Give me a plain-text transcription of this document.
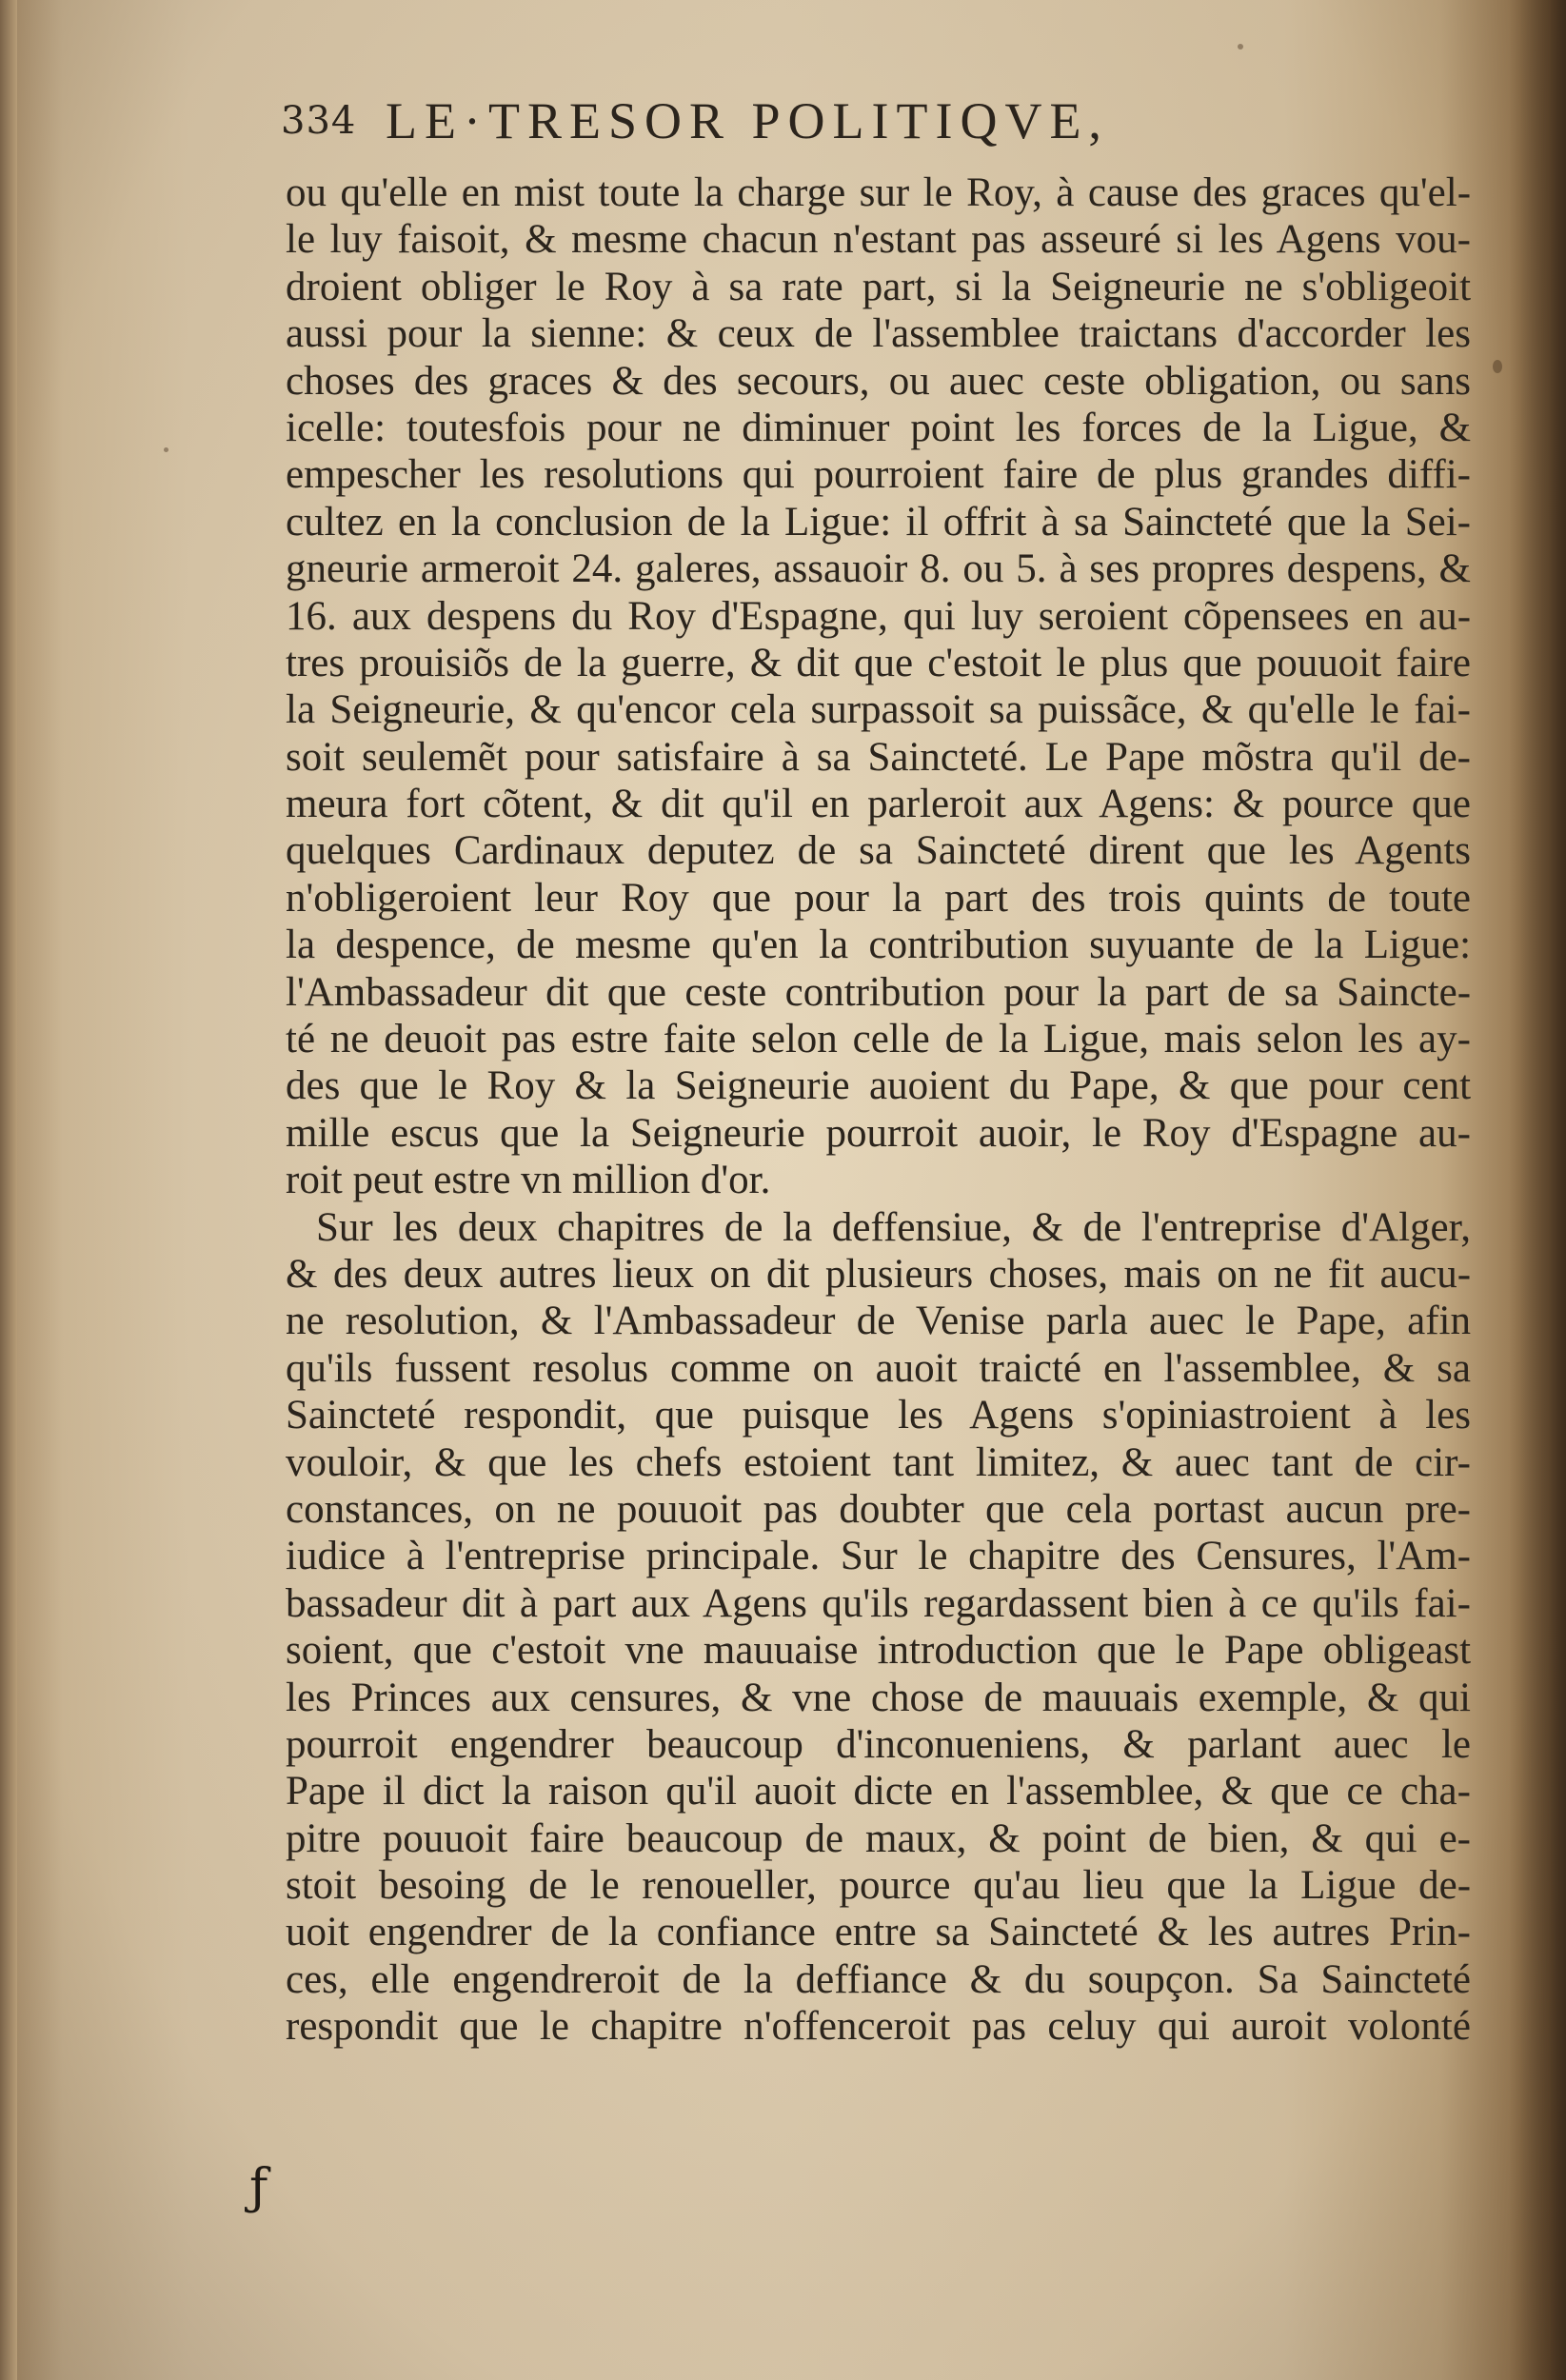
334 LE·TRESOR POLITIQVE,
ou qu'elle en mist toute la charge sur le Roy, à cause des graces qu'el-
le luy faisoit, & mesme chacun n'estant pas asseuré si les Agens vou-
droient obliger le Roy à sa rate part, si la Seigneurie ne s'obligeoit
aussi pour la sienne: & ceux de l'assemblee traictans d'accorder les
choses des graces & des secours, ou auec ceste obligation, ou sans
icelle: toutesfois pour ne diminuer point les forces de la Ligue, &
empescher les resolutions qui pourroient faire de plus grandes diffi-
cultez en la conclusion de la Ligue: il offrit à sa Saincteté que la Sei-
gneurie armeroit 24. galeres, assauoir 8. ou 5. à ses propres despens, &
16. aux despens du Roy d'Espagne, qui luy seroient cõpensees en au-
tres prouisiõs de la guerre, & dit que c'estoit le plus que pouuoit faire
la Seigneurie, & qu'encor cela surpassoit sa puissãce, & qu'elle le fai-
soit seulemẽt pour satisfaire à sa Saincteté. Le Pape mõstra qu'il de-
meura fort cõtent, & dit qu'il en parleroit aux Agens: & pource que
quelques Cardinaux deputez de sa Saincteté dirent que les Agents
n'obligeroient leur Roy que pour la part des trois quints de toute
la despence, de mesme qu'en la contribution suyuante de la Ligue:
l'Ambassadeur dit que ceste contribution pour la part de sa Saincte-
té ne deuoit pas estre faite selon celle de la Ligue, mais selon les ay-
des que le Roy & la Seigneurie auoient du Pape, & que pour cent
mille escus que la Seigneurie pourroit auoir, le Roy d'Espagne au-
roit peut estre vn million d'or.
Sur les deux chapitres de la deffensiue, & de l'entreprise d'Alger,
& des deux autres lieux on dit plusieurs choses, mais on ne fit aucu-
ne resolution, & l'Ambassadeur de Venise parla auec le Pape, afin
qu'ils fussent resolus comme on auoit traicté en l'assemblee, & sa
Saincteté respondit, que puisque les Agens s'opiniastroient à les
vouloir, & que les chefs estoient tant limitez, & auec tant de cir-
constances, on ne pouuoit pas doubter que cela portast aucun pre-
iudice à l'entreprise principale. Sur le chapitre des Censures, l'Am-
bassadeur dit à part aux Agens qu'ils regardassent bien à ce qu'ils fai-
soient, que c'estoit vne mauuaise introduction que le Pape obligeast
les Princes aux censures, & vne chose de mauuais exemple, & qui
pourroit engendrer beaucoup d'inconueniens, & parlant auec le
Pape il dict la raison qu'il auoit dicte en l'assemblee, & que ce cha-
pitre pouuoit faire beaucoup de maux, & point de bien, & qui e-
stoit besoing de le renoueller, pource qu'au lieu que la Ligue de-
uoit engendrer de la confiance entre sa Saincteté & les autres Prin-
ces, elle engendreroit de la deffiance & du soupçon. Sa Saincteté
respondit que le chapitre n'offenceroit pas celuy qui auroit volonté
ƒ
